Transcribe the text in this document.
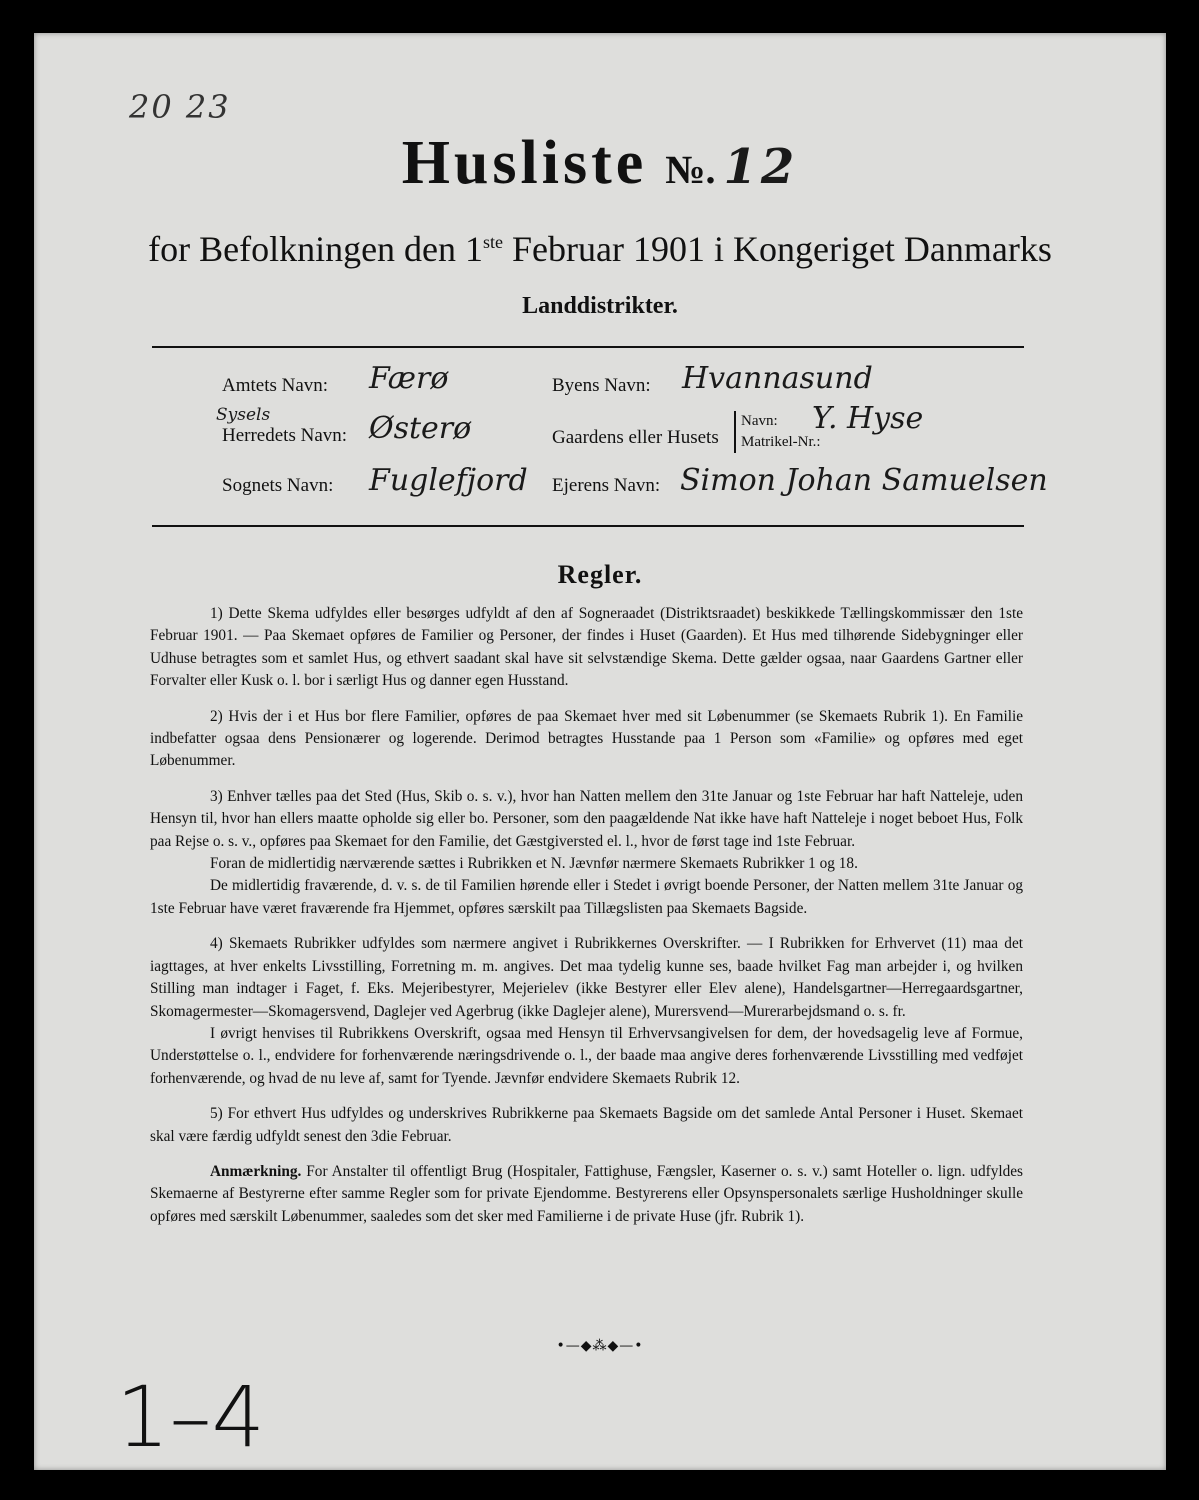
20 23
Husliste №. 12
for Befolkningen den 1ste Februar 1901 i Kongeriget Danmarks
Landdistrikter.
Amtets Navn: Færø	Byens Navn: Hvannasund
Sysels
Herredets Navn: Østerø	Gaardens eller Husets
Navn:
Matrikel-Nr.:
Y. Hyse
Sognets Navn: Fuglefjord Ejerens Navn: Simon Johan Samuelsen
Regler.

1) Dette Skema udfyldes eller besørges udfyldt af den af Sogneraadet (Distriktsraadet) beskikkede Tællingskommissær den 1ste Februar 1901. — Paa Skemaet opføres de Familier og Personer, der findes i Huset (Gaarden). Et Hus med tilhørende Sidebygninger eller Udhuse betragtes som et samlet Hus, og ethvert saadant skal have sit selvstændige Skema. Dette gælder ogsaa, naar Gaardens Gartner eller Forvalter eller Kusk o. l. bor i særligt Hus og danner egen Husstand.

2) Hvis der i et Hus bor flere Familier, opføres de paa Skemaet hver med sit Løbenummer (se Skemaets Rubrik 1). En Familie indbefatter ogsaa dens Pensionærer og logerende. Derimod betragtes Husstande paa 1 Person som «Familie» og opføres med eget Løbenummer.

3) Enhver tælles paa det Sted (Hus, Skib o. s. v.), hvor han Natten mellem den 31te Januar og 1ste Februar har haft Natteleje, uden Hensyn til, hvor han ellers maatte opholde sig eller bo. Personer, som den paagældende Nat ikke have haft Natteleje i noget beboet Hus, Folk paa Rejse o. s. v., opføres paa Skemaet for den Familie, det Gæstgiversted el. l., hvor de først tage ind 1ste Februar.

Foran de midlertidig nærværende sættes i Rubrikken et N. Jævnfør nærmere Skemaets Rubrikker 1 og 18.

De midlertidig fraværende, d. v. s. de til Familien hørende eller i Stedet i øvrigt boende Personer, der Natten mellem 31te Januar og 1ste Februar have været fraværende fra Hjemmet, opføres særskilt paa Tillægslisten paa Skemaets Bagside.

4) Skemaets Rubrikker udfyldes som nærmere angivet i Rubrikkernes Overskrifter. — I Rubrikken for Erhvervet (11) maa det iagttages, at hver enkelts Livsstilling, Forretning m. m. angives. Det maa tydelig kunne ses, baade hvilket Fag man arbejder i, og hvilken Stilling man indtager i Faget, f. Eks. Mejeribestyrer, Mejerielev (ikke Bestyrer eller Elev alene), Handelsgartner—Herregaardsgartner, Skomagermester—Skomagersvend, Daglejer ved Agerbrug (ikke Daglejer alene), Murersvend—Murerarbejdsmand o. s. fr.

I øvrigt henvises til Rubrikkens Overskrift, ogsaa med Hensyn til Erhvervsangivelsen for dem, der hovedsagelig leve af Formue, Understøttelse o. l., endvidere for forhenværende næringsdrivende o. l., der baade maa angive deres forhenværende Livsstilling med vedføjet forhenværende, og hvad de nu leve af, samt for Tyende. Jævnfør endvidere Skemaets Rubrik 12.

5) For ethvert Hus udfyldes og underskrives Rubrikkerne paa Skemaets Bagside om det samlede Antal Personer i Huset. Skemaet skal være færdig udfyldt senest den 3die Februar.

Anmærkning. For Anstalter til offentligt Brug (Hospitaler, Fattighuse, Fængsler, Kaserner o. s. v.) samt Hoteller o. lign. udfyldes Skemaerne af Bestyrerne efter samme Regler som for private Ejendomme. Bestyrerens eller Opsynspersonalets særlige Husholdninger skulle opføres med særskilt Løbenummer, saaledes som det sker med Familierne i de private Huse (jfr. Rubrik 1).

•—◆⁂◆—•
1–4
